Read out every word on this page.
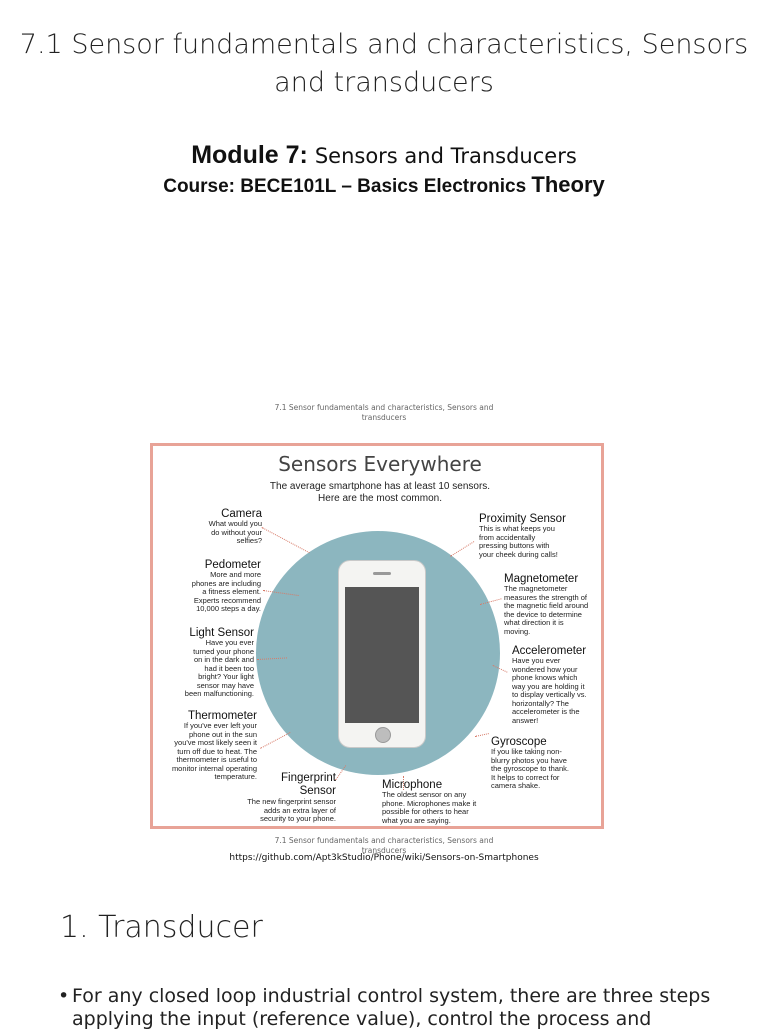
7.1 Sensor fundamentals and characteristics, Sensors
and transducers
Module 7: Sensors and Transducers
Course: BECE101L – Basics Electronics Theory
7.1 Sensor fundamentals and characteristics, Sensors and
transducers
Sensors Everywhere
The average smartphone has at least 10 sensors.
Here are the most common.
Camera
What would you
do without your
selfies?
Pedometer
More and more
phones are including
a fitness element.
Experts recommend
10,000 steps a day.
Light Sensor
Have you ever
turned your phone
on in the dark and
had it been too
bright? Your light
sensor may have
been malfunctioning.
Thermometer
If you've ever left your
phone out in the sun
you've most likely seen it
turn off due to heat. The
thermometer is useful to
monitor internal operating
temperature.	Fingerprint
Sensor
The new fingerprint sensor
adds an extra layer of
security to your phone.
Microphone
The oldest sensor on any
phone. Microphones make it
possible for others to hear
what you are saying.
Proximity Sensor
This is what keeps you
from accidentally
pressing buttons with
your cheek during calls!
Magnetometer
The magnetometer
measures the strength of
the magnetic field around
the device to determine
what direction it is
moving.
Accelerometer
Have you ever
wondered how your
phone knows which
way you are holding it
to display vertically vs.
horizontally? The
accelerometer is the
answer!
Gyroscope
If you like taking non-
blurry photos you have
the gyroscope to thank.
It helps to correct for
camera shake.
7.1 Sensor fundamentals and characteristics, Sensors and
transducers
https://github.com/Apt3kStudio/Phone/wiki/Sensors-on-Smartphones
1. Transducer
• For any closed loop industrial control system, there are three steps
applying the input (reference value), control the process and
